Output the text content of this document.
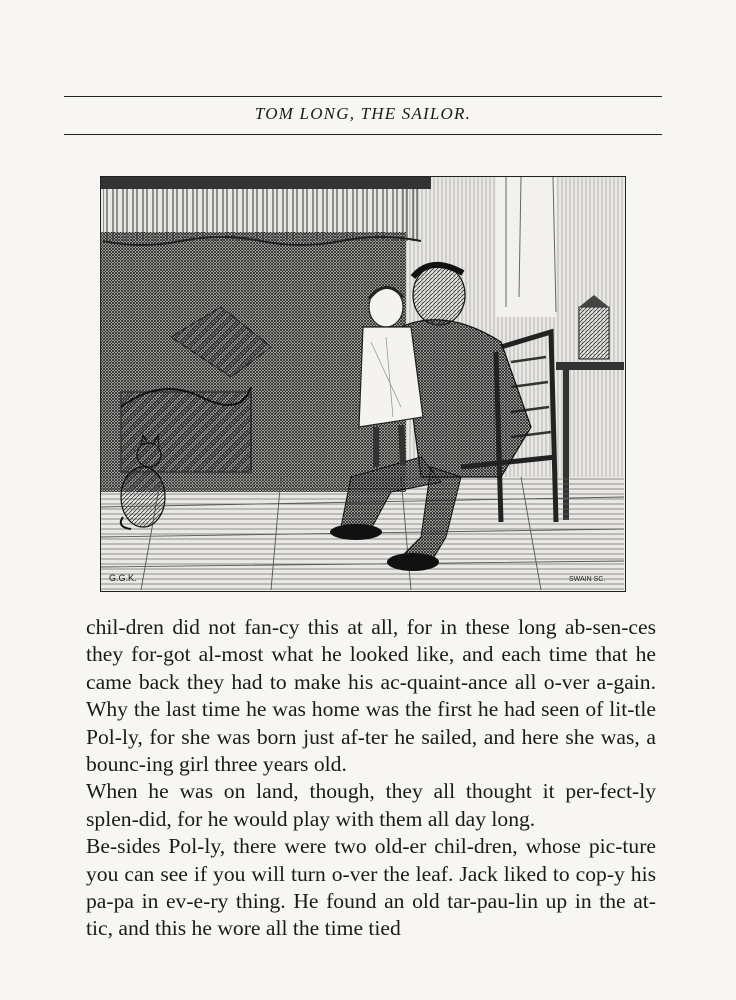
TOM LONG, THE SAILOR.
G.G.K.	SWAIN SC.

chil-dren did not fan-cy this at all, for in these long ab-sen-ces they for-got al-most what he looked like, and each time that he came back they had to make his ac-quaint-ance all o-ver a-gain. Why the last time he was home was the first he had seen of lit-tle Pol-ly, for she was born just af-ter he sailed, and here she was, a bounc-ing girl three years old.

When he was on land, though, they all thought it per-fect-ly splen-did, for he would play with them all day long.

Be-sides Pol-ly, there were two old-er chil-dren, whose pic-ture you can see if you will turn o-ver the leaf. Jack liked to cop-y his pa-pa in ev-e-ry thing. He found an old tar-pau-lin up in the at-tic, and this he wore all the time tied
